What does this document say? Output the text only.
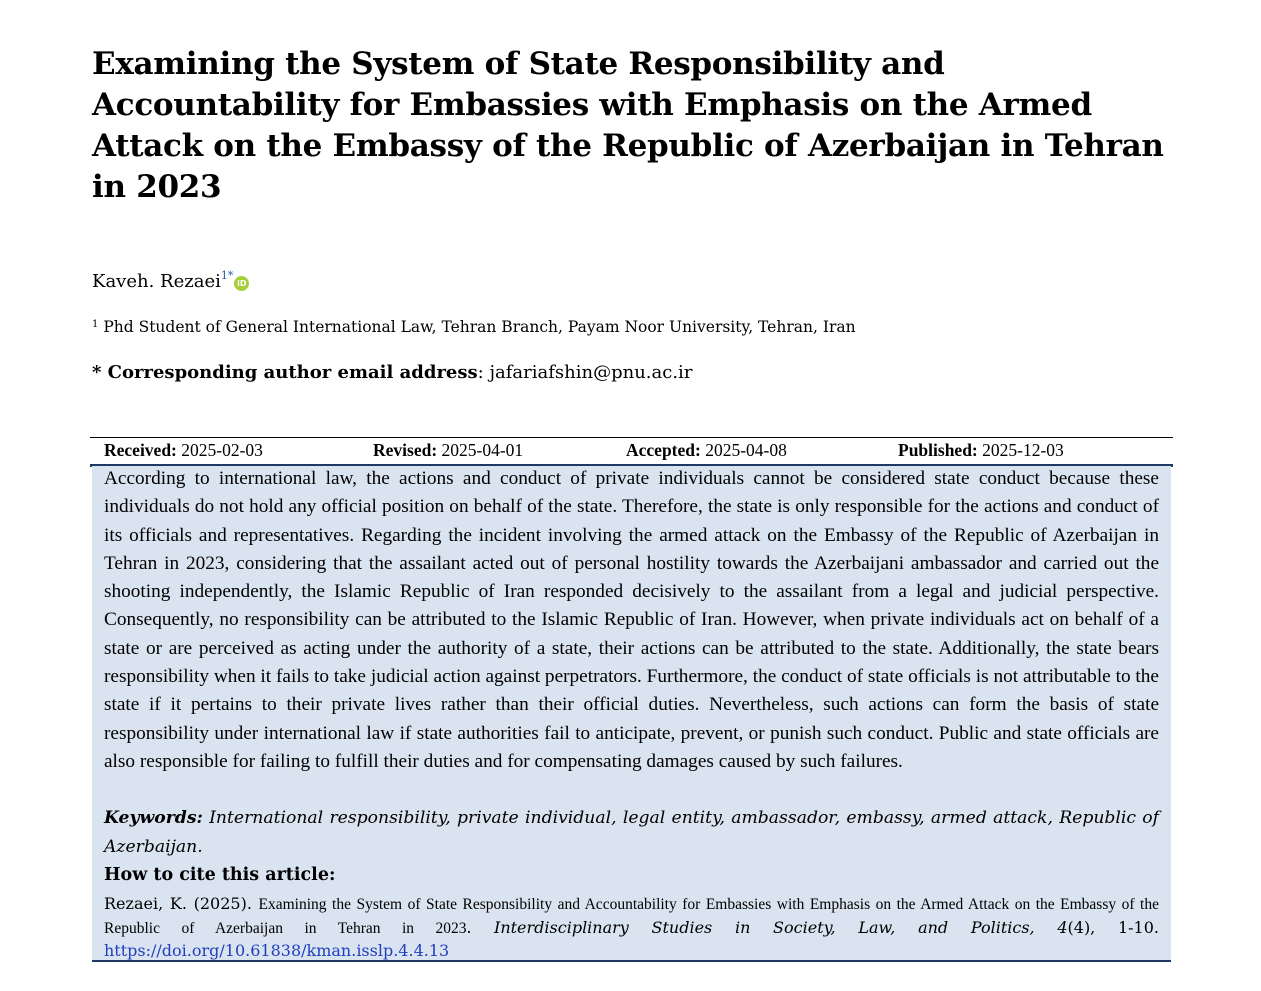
Examining the System of State Responsibility and Accountability for Embassies with Emphasis on the Armed Attack on the Embassy of the Republic of Azerbaijan in Tehran in 2023
Kaveh. Rezaei$^{1*}$iD
$^1$ Phd Student of General International Law, Tehran Branch, Payam Noor University, Tehran, Iran
* Corresponding author email address: jafariafshin@pnu.ac.ir
Received: 2025-02-03	Revised: 2025-04-01	Accepted: 2025-04-08	Published: 2025-12-03

According to international law, the actions and conduct of private individuals cannot be considered state conduct because these individuals do not hold any official position on behalf of the state. Therefore, the state is only responsible for the actions and conduct of its officials and representatives. Regarding the incident involving the armed attack on the Embassy of the Republic of Azerbaijan in Tehran in 2023, considering that the assailant acted out of personal hostility towards the Azerbaijani ambassador and carried out the shooting independently, the Islamic Republic of Iran responded decisively to the assailant from a legal and judicial perspective. Consequently, no responsibility can be attributed to the Islamic Republic of Iran. However, when private individuals act on behalf of a state or are perceived as acting under the authority of a state, their actions can be attributed to the state. Additionally, the state bears responsibility when it fails to take judicial action against perpetrators. Furthermore, the conduct of state officials is not attributable to the state if it pertains to their private lives rather than their official duties. Nevertheless, such actions can form the basis of state responsibility under international law if state authorities fail to anticipate, prevent, or punish such conduct. Public and state officials are also responsible for failing to fulfill their duties and for compensating damages caused by such failures.

Keywords: International responsibility, private individual, legal entity, ambassador, embassy, armed attack, Republic of Azerbaijan.

How to cite this article:

Rezaei, K. (2025). Examining the System of State Responsibility and Accountability for Embassies with Emphasis on the Armed Attack on the Embassy of the Republic of Azerbaijan in Tehran in 2023. Interdisciplinary Studies in Society, Law, and Politics, 4(4), 1-10. https://doi.org/10.61838/kman.isslp.4.4.13
